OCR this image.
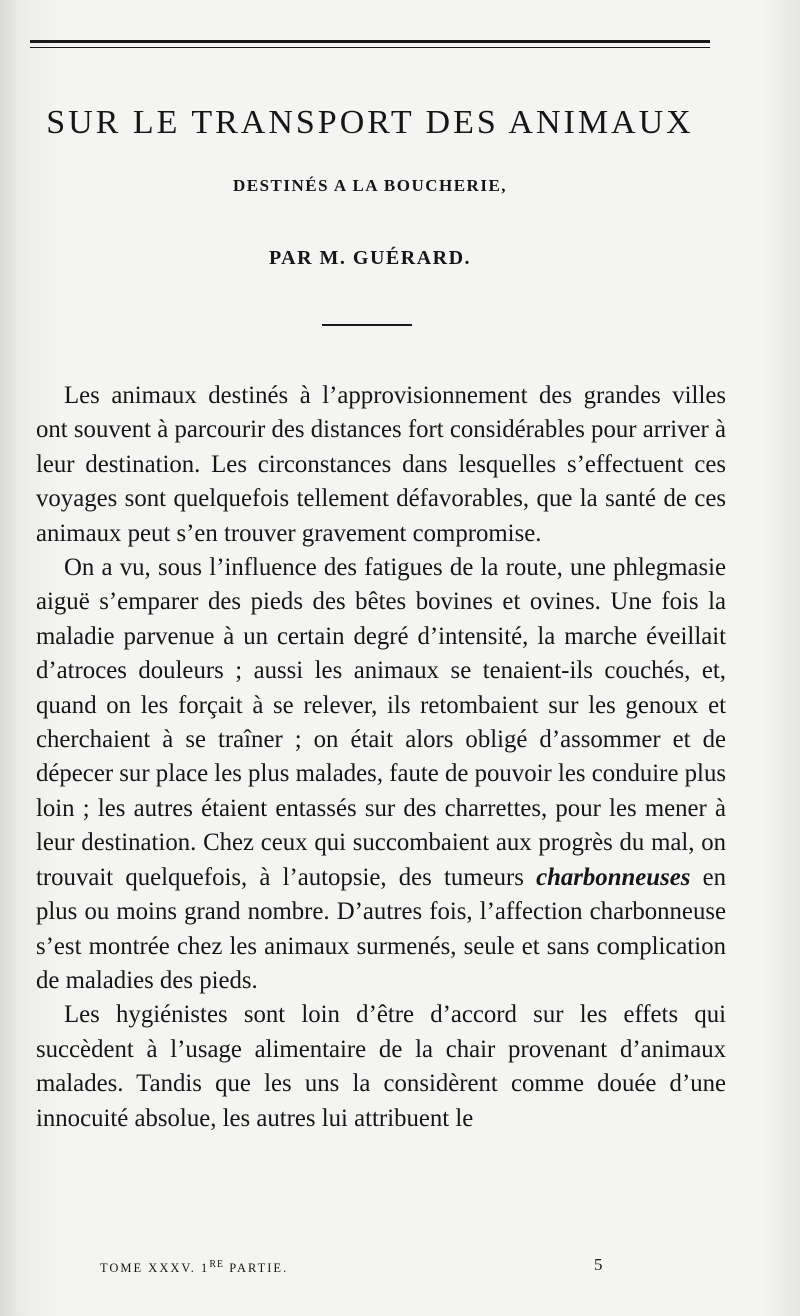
SUR LE TRANSPORT DES ANIMAUX
DESTINÉS A LA BOUCHERIE,
PAR M. GUÉRARD.

Les animaux destinés à l’approvisionnement des grandes villes ont souvent à parcourir des distances fort considérables pour arriver à leur destination. Les circonstances dans lesquelles s’effectuent ces voyages sont quelquefois tellement défavorables, que la santé de ces animaux peut s’en trouver gravement compromise.

On a vu, sous l’influence des fatigues de la route, une phlegmasie aiguë s’emparer des pieds des bêtes bovines et ovines. Une fois la maladie parvenue à un certain degré d’intensité, la marche éveillait d’atroces douleurs ; aussi les animaux se tenaient-ils couchés, et, quand on les forçait à se relever, ils retombaient sur les genoux et cherchaient à se traîner ; on était alors obligé d’assommer et de dépecer sur place les plus malades, faute de pouvoir les conduire plus loin ; les autres étaient entassés sur des charrettes, pour les mener à leur destination. Chez ceux qui succombaient aux progrès du mal, on trouvait quelquefois, à l’autopsie, des tumeurs charbonneuses en plus ou moins grand nombre. D’autres fois, l’affection charbonneuse s’est montrée chez les animaux surmenés, seule et sans complication de maladies des pieds.

Les hygiénistes sont loin d’être d’accord sur les effets qui succèdent à l’usage alimentaire de la chair provenant d’animaux malades. Tandis que les uns la considèrent comme douée d’une innocuité absolue, les autres lui attribuent le

TOME XXXV. 1RE PARTIE.	5
